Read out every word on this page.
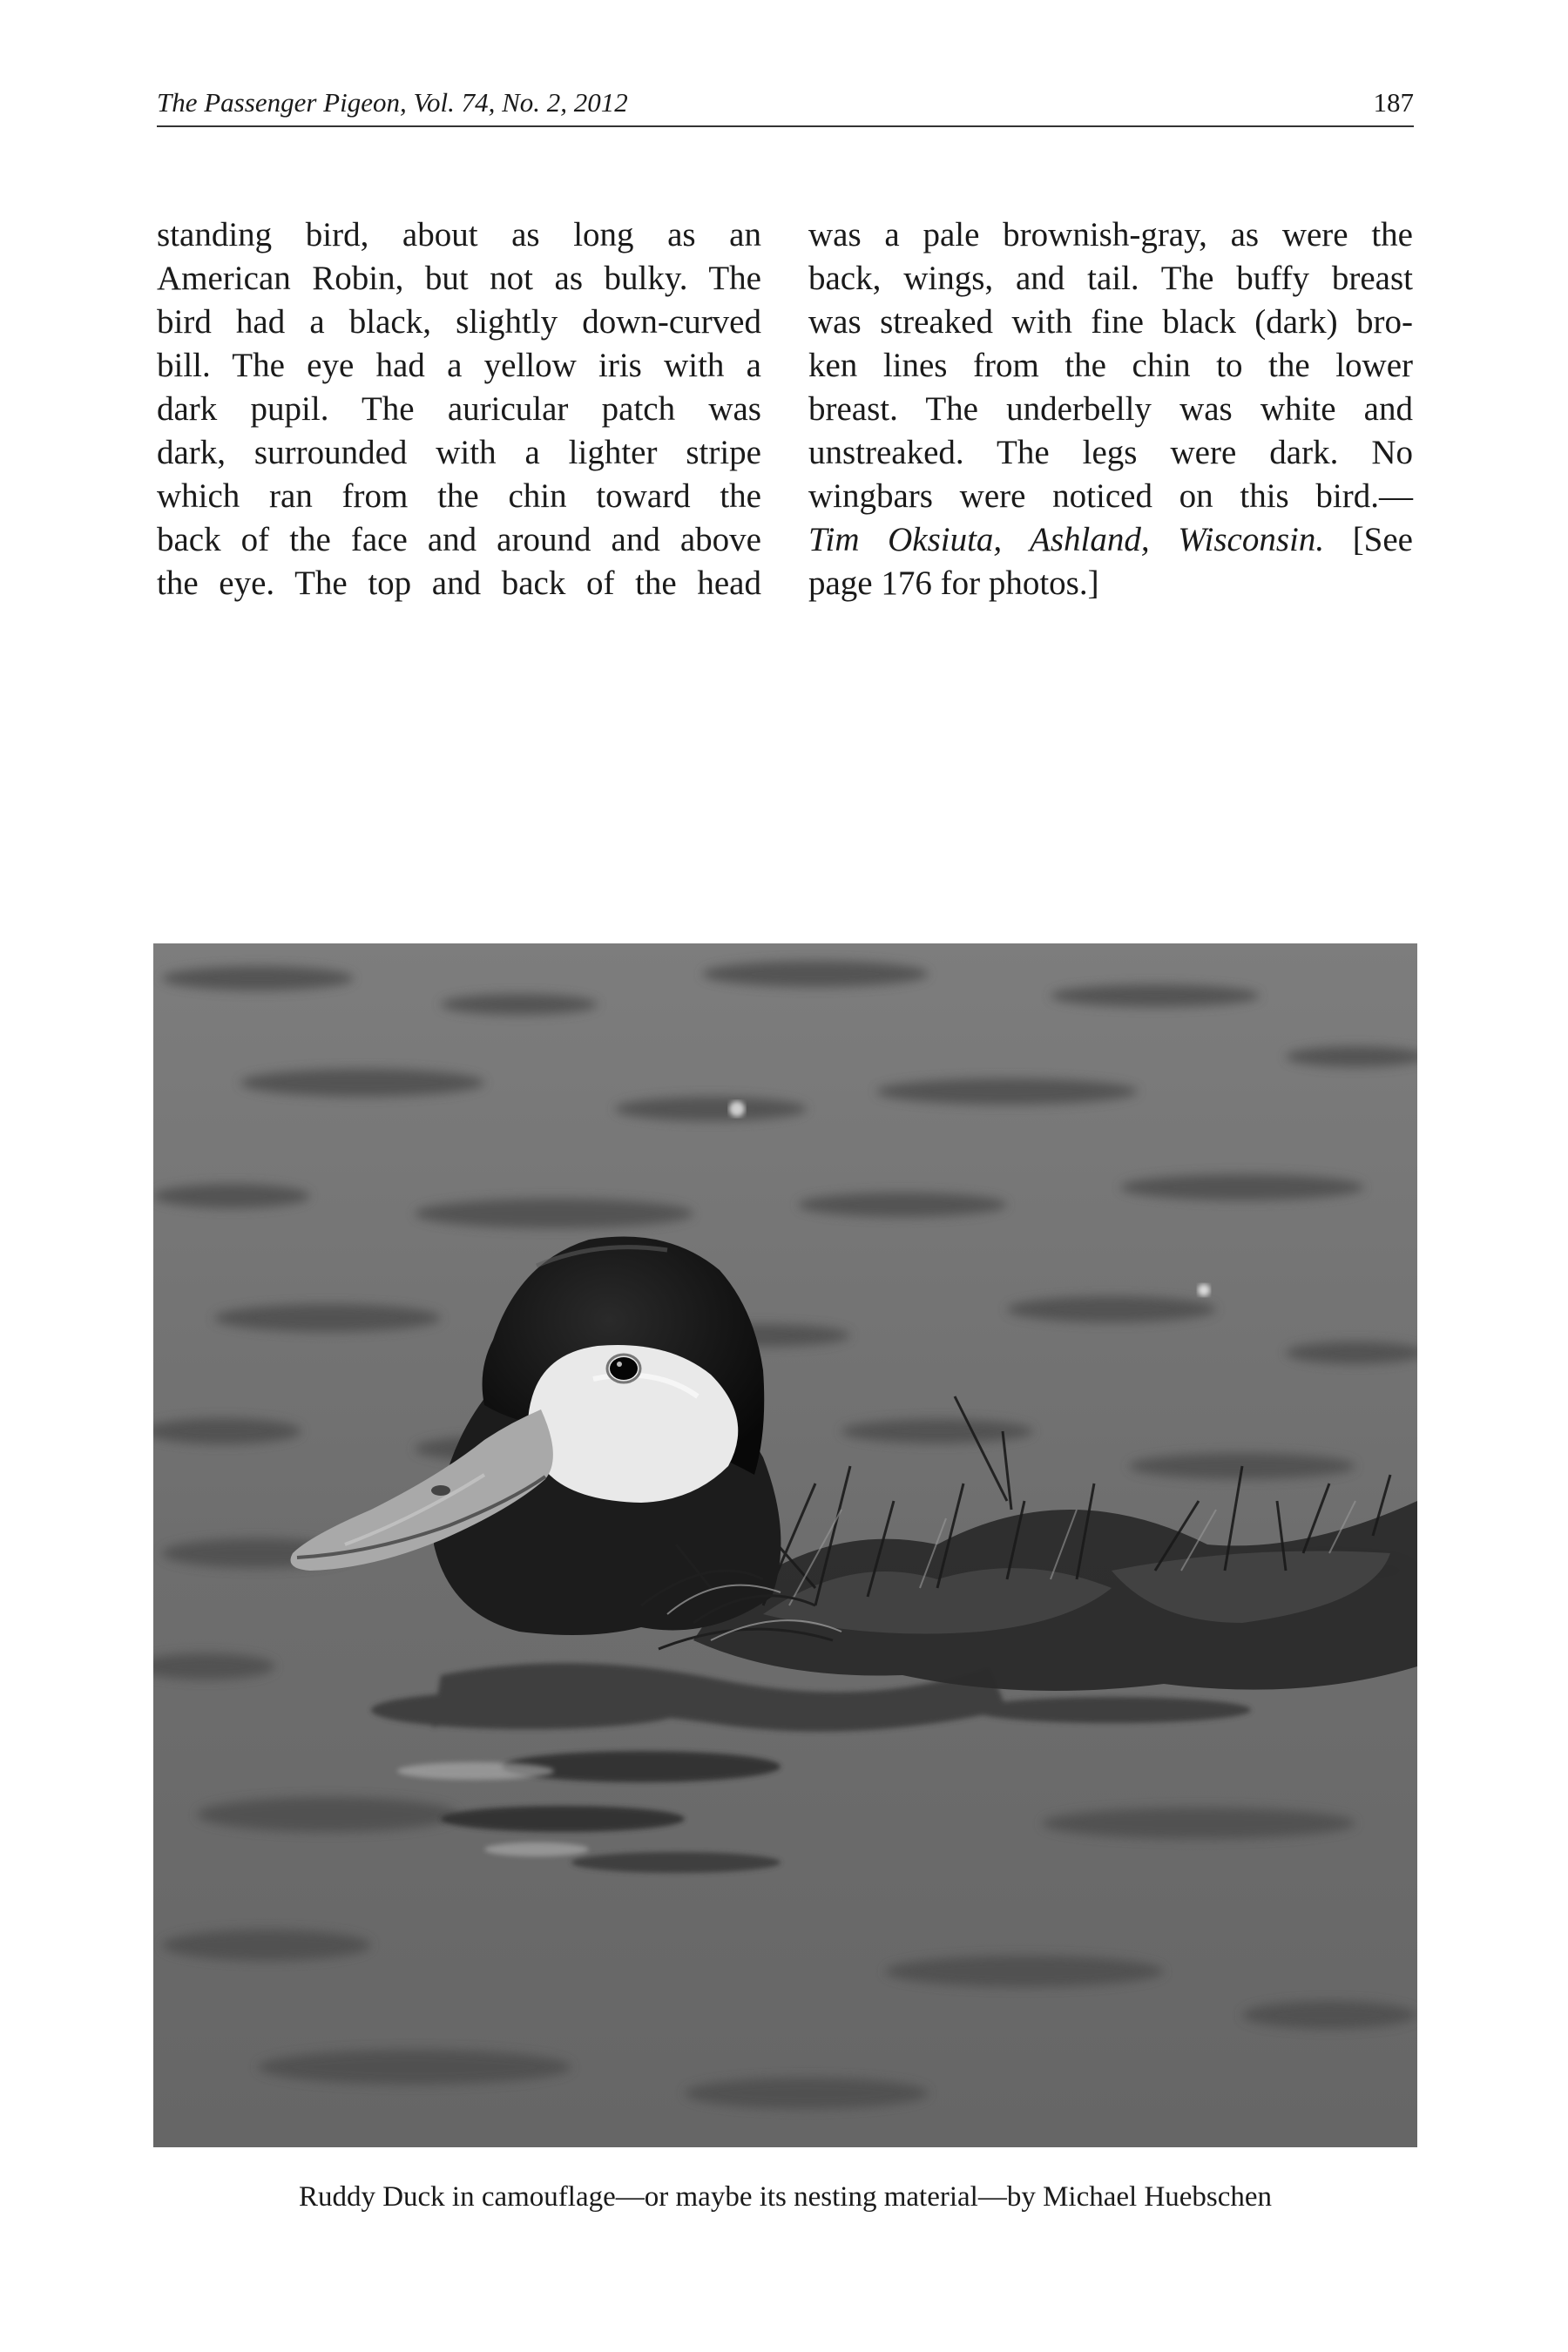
The Passenger Pigeon, Vol. 74, No. 2, 2012	187
standing bird, about as long as an
American Robin, but not as bulky. The
bird had a black, slightly down-curved
bill. The eye had a yellow iris with a
dark pupil. The auricular patch was
dark, surrounded with a lighter stripe
which ran from the chin toward the
back of the face and around and above
the eye. The top and back of the head
was a pale brownish-gray, as were the
back, wings, and tail. The buffy breast
was streaked with fine black (dark) bro-
ken lines from the chin to the lower
breast. The underbelly was white and
unstreaked. The legs were dark. No
wingbars were noticed on this bird.—
Tim Oksiuta, Ashland, Wisconsin. [See
page 176 for photos.]
Ruddy Duck in camouflage—or maybe its nesting material—by Michael Huebschen
